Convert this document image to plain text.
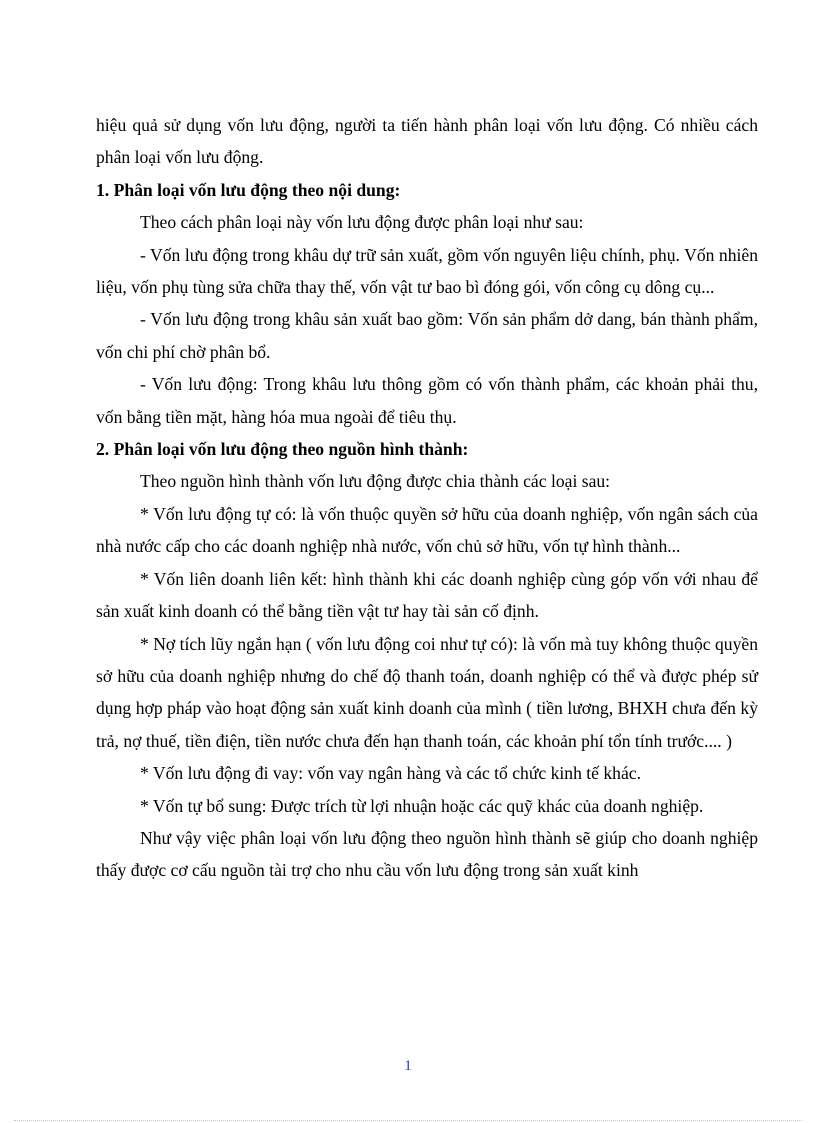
hiệu quả sử dụng vốn lưu động, người ta tiến hành phân loại vốn lưu động. Có nhiều cách phân loại vốn lưu động.

1. Phân loại vốn lưu động theo nội dung:

Theo cách phân loại này vốn lưu động được phân loại như sau:

- Vốn lưu động trong khâu dự trữ sản xuất, gồm vốn nguyên liệu chính, phụ. Vốn nhiên liệu, vốn phụ tùng sửa chữa thay thế, vốn vật tư bao bì đóng gói, vốn công cụ dông cụ...

- Vốn lưu động trong khâu sản xuất bao gồm: Vốn sản phẩm dở dang, bán thành phẩm, vốn chi phí chờ phân bổ.

- Vốn lưu động: Trong khâu lưu thông gồm có vốn thành phẩm, các khoản phải thu, vốn bằng tiền mặt, hàng hóa mua ngoài để tiêu thụ.

2. Phân loại vốn lưu động theo nguồn hình thành:

Theo nguồn hình thành vốn lưu động được chia thành các loại sau:

* Vốn lưu động tự có: là vốn thuộc quyền sở hữu của doanh nghiệp, vốn ngân sách của nhà nước cấp cho các doanh nghiệp nhà nước, vốn chủ sở hữu, vốn tự hình thành...

* Vốn liên doanh liên kết: hình thành khi các doanh nghiệp cùng góp vốn với nhau để sản xuất kinh doanh có thể bằng tiền vật tư hay tài sản cố định.

* Nợ tích lũy ngắn hạn ( vốn lưu động coi như tự có): là vốn mà tuy không thuộc quyền sở hữu của doanh nghiệp nhưng do chế độ thanh toán, doanh nghiệp có thể và được phép sử dụng hợp pháp vào hoạt động sản xuất kinh doanh của mình ( tiền lương, BHXH chưa đến kỳ trả, nợ thuế, tiền điện, tiền nước chưa đến hạn thanh toán, các khoản phí tổn tính trước.... )

* Vốn lưu động đi vay: vốn vay ngân hàng và các tổ chức kinh tế khác.

* Vốn tự bổ sung: Được trích từ lợi nhuận hoặc các quỹ khác của doanh nghiệp.

Như vậy việc phân loại vốn lưu động theo nguồn hình thành sẽ giúp cho doanh nghiệp thấy được cơ cấu nguồn tài trợ cho nhu cầu vốn lưu động trong sản xuất kinh

1
